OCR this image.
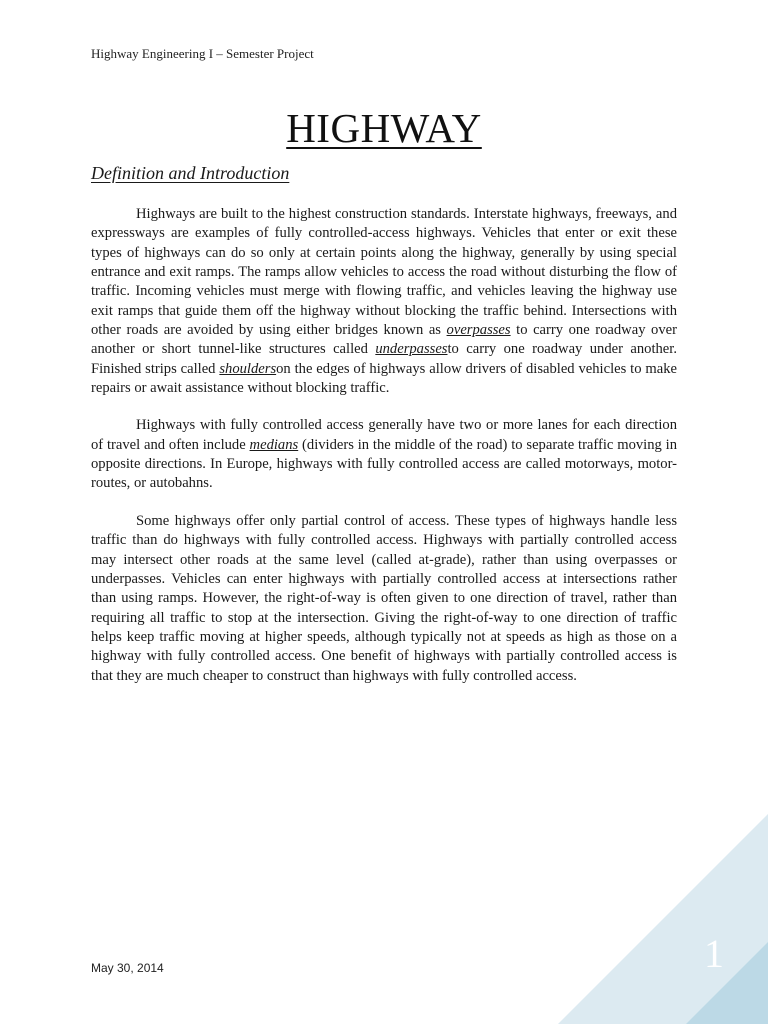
Highway Engineering I – Semester Project
HIGHWAY
Definition and Introduction

Highways are built to the highest construction standards. Interstate highways, freeways, and expressways are examples of fully controlled-access highways. Vehicles that enter or exit these types of highways can do so only at certain points along the highway, generally by using special entrance and exit ramps. The ramps allow vehicles to access the road without disturbing the flow of traffic. Incoming vehicles must merge with flowing traffic, and vehicles leaving the highway use exit ramps that guide them off the highway without blocking the traffic behind. Intersections with other roads are avoided by using either bridges known as overpasses to carry one roadway over another or short tunnel-like structures called underpassesto carry one roadway under another. Finished strips called shoulderson the edges of highways allow drivers of disabled vehicles to make repairs or await assistance without blocking traffic.

Highways with fully controlled access generally have two or more lanes for each direction of travel and often include medians (dividers in the middle of the road) to separate traffic moving in opposite directions. In Europe, highways with fully controlled access are called motorways, motor-routes, or autobahns.

Some highways offer only partial control of access. These types of highways handle less traffic than do highways with fully controlled access. Highways with partially controlled access may intersect other roads at the same level (called at-grade), rather than using overpasses or underpasses. Vehicles can enter highways with partially controlled access at intersections rather than using ramps. However, the right-of-way is often given to one direction of travel, rather than requiring all traffic to stop at the intersection. Giving the right-of-way to one direction of traffic helps keep traffic moving at higher speeds, although typically not at speeds as high as those on a highway with fully controlled access. One benefit of highways with partially controlled access is that they are much cheaper to construct than highways with fully controlled access.

May 30, 2014	1
